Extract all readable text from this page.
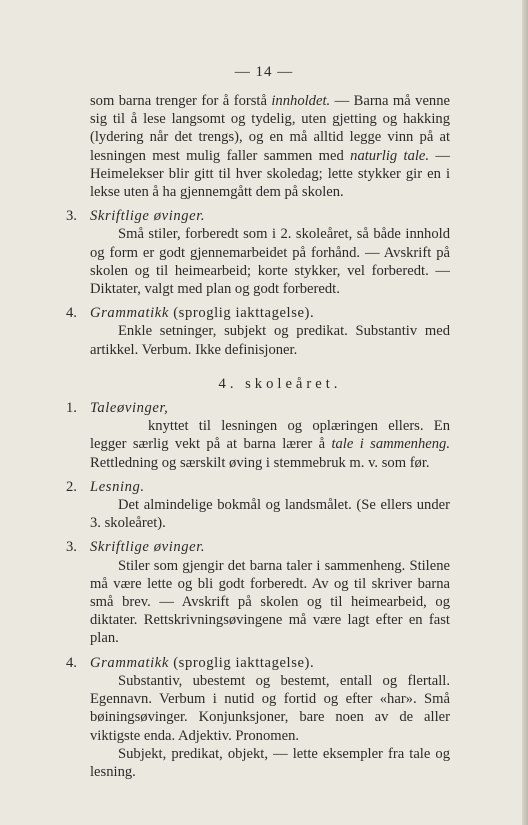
— 14 —

som barna trenger for å forstå innholdet. — Barna må venne sig til å lese langsomt og tydelig, uten gjetting og hakking (lydering når det trengs), og en må alltid legge vinn på at lesningen mest mulig faller sammen med naturlig tale. — Heimelekser blir gitt til hver skoledag; lette stykker gir en i lekse uten å ha gjennemgått dem på skolen.

3. Skriftlige øvinger.

Små stiler, forberedt som i 2. skoleåret, så både innhold og form er godt gjennemarbeidet på forhånd. — Avskrift på skolen og til heimearbeid; korte stykker, vel forberedt. — Diktater, valgt med plan og godt forberedt.

4. Grammatikk (sproglig iakttagelse).

Enkle setninger, subjekt og predikat. Substantiv med artikkel. Verbum. Ikke definisjoner.

4. skoleåret.
1. Taleøvinger,

knyttet til lesningen og oplæringen ellers. En legger særlig vekt på at barna lærer å tale i sammenheng. Rettledning og særskilt øving i stemmebruk m. v. som før.

2. Lesning.

Det almindelige bokmål og landsmålet. (Se ellers under 3. skoleåret).

3. Skriftlige øvinger.

Stiler som gjengir det barna taler i sammenheng. Stilene må være lette og bli godt forberedt. Av og til skriver barna små brev. — Avskrift på skolen og til heimearbeid, og diktater. Rettskrivningsøvingene må være lagt efter en fast plan.

4. Grammatikk (sproglig iakttagelse).

Substantiv, ubestemt og bestemt, entall og flertall. Egennavn. Verbum i nutid og fortid og efter «har». Små bøiningsøvinger. Konjunksjoner, bare noen av de aller viktigste enda. Adjektiv. Pronomen.

Subjekt, predikat, objekt, — lette eksempler fra tale og lesning.
